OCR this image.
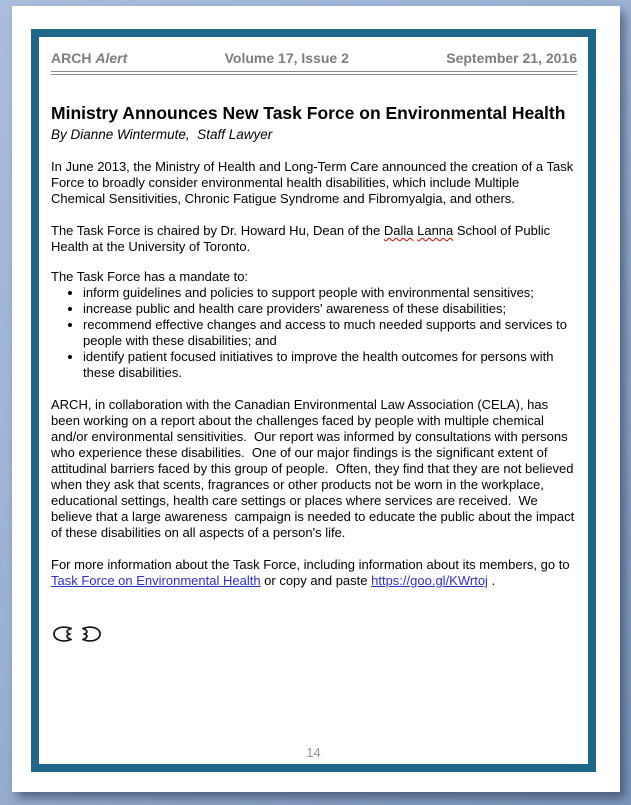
ARCH Alert	Volume 17, Issue 2	September 21, 2016
Ministry Announces New Task Force on Environmental Health
By Dianne Wintermute,  Staff Lawyer
In June 2013, the Ministry of Health and Long-Term Care announced the creation of a Task Force to broadly consider environmental health disabilities, which include Multiple Chemical Sensitivities, Chronic Fatigue Syndrome and Fibromyalgia, and others.
The Task Force is chaired by Dr. Howard Hu, Dean of the Dalla Lanna School of Public Health at the University of Toronto.
The Task Force has a mandate to:
• inform guidelines and policies to support people with environmental sensitives;
• increase public and health care providers' awareness of these disabilities;
• recommend effective changes and access to much needed supports and services to people with these disabilities; and
• identify patient focused initiatives to improve the health outcomes for persons with these disabilities.
ARCH, in collaboration with the Canadian Environmental Law Association (CELA), has been working on a report about the challenges faced by people with multiple chemical and/or environmental sensitivities.  Our report was informed by consultations with persons who experience these disabilities.  One of our major findings is the significant extent of attitudinal barriers faced by this group of people.  Often, they find that they are not believed when they ask that scents, fragrances or other products not be worn in the workplace, educational settings, health care settings or places where services are received.  We believe that a large awareness  campaign is needed to educate the public about the impact of these disabilities on all aspects of a person's life.
For more information about the Task Force, including information about its members, go to Task Force on Environmental Health or copy and paste https://goo.gl/KWrtoj .
14
